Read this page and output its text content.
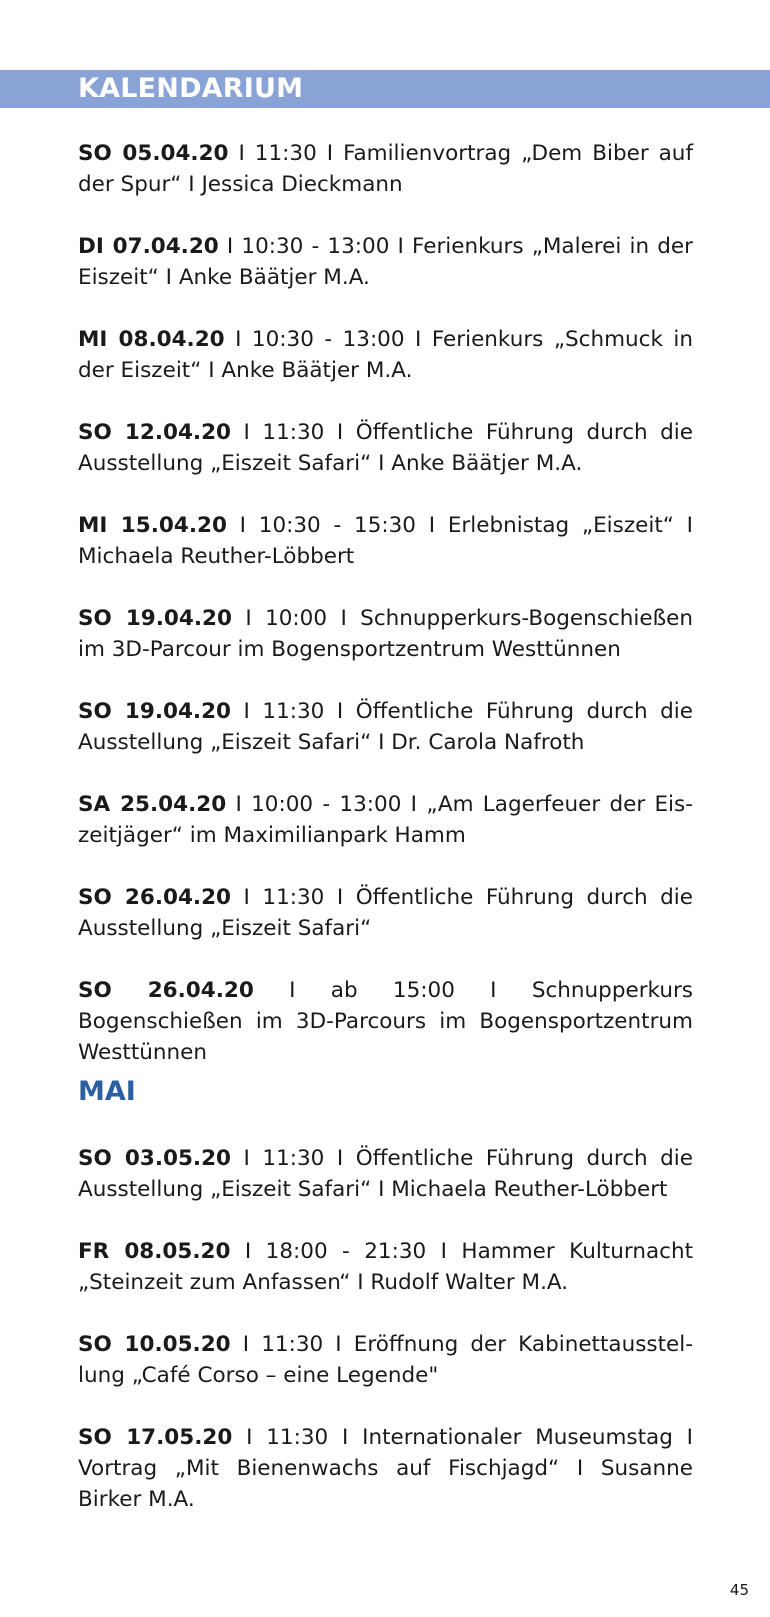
KALENDARIUM
SO 05.04.20 I 11:30 I Familienvortrag „Dem Biber auf der Spur“ I Jessica Dieckmann
DI 07.04.20 I 10:30 - 13:00 I Ferienkurs „Malerei in der Eiszeit“ I Anke Bäätjer M.A.
MI 08.04.20 I 10:30 - 13:00 I Ferienkurs „Schmuck in der Eiszeit“ I Anke Bäätjer M.A.
SO 12.04.20 I 11:30 I Öffentliche Führung durch die Ausstellung „Eiszeit Safari“ I Anke Bäätjer M.A.
MI 15.04.20 I 10:30 - 15:30 I Erlebnistag „Eiszeit“ I Michaela Reuther-Löbbert
SO 19.04.20 I 10:00 I Schnupperkurs-Bogenschießen im 3D-Parcour im Bogensportzentrum Westtünnen
SO 19.04.20 I 11:30 I Öffentliche Führung durch die Ausstellung „Eiszeit Safari“ I Dr. Carola Nafroth
SA 25.04.20 I 10:00 - 13:00 I „Am Lagerfeuer der Eis-zeitjäger“ im Maximilianpark Hamm
SO 26.04.20 I 11:30 I Öffentliche Führung durch die Ausstellung „Eiszeit Safari“
SO 26.04.20 I ab 15:00 I Schnupperkurs Bogenschießen im 3D-Parcours im Bogensportzentrum Westtünnen
MAI
SO 03.05.20 I 11:30 I Öffentliche Führung durch die Ausstellung „Eiszeit Safari“ I Michaela Reuther-Löbbert
FR 08.05.20 I 18:00 - 21:30 I Hammer Kulturnacht „Steinzeit zum Anfassen“ I Rudolf Walter M.A.
SO 10.05.20 I 11:30 I Eröffnung der Kabinettausstel-lung „Café Corso – eine Legende"
SO 17.05.20 I 11:30 I Internationaler Museumstag I Vortrag „Mit Bienenwachs auf Fischjagd“ I Susanne Birker M.A.
45
